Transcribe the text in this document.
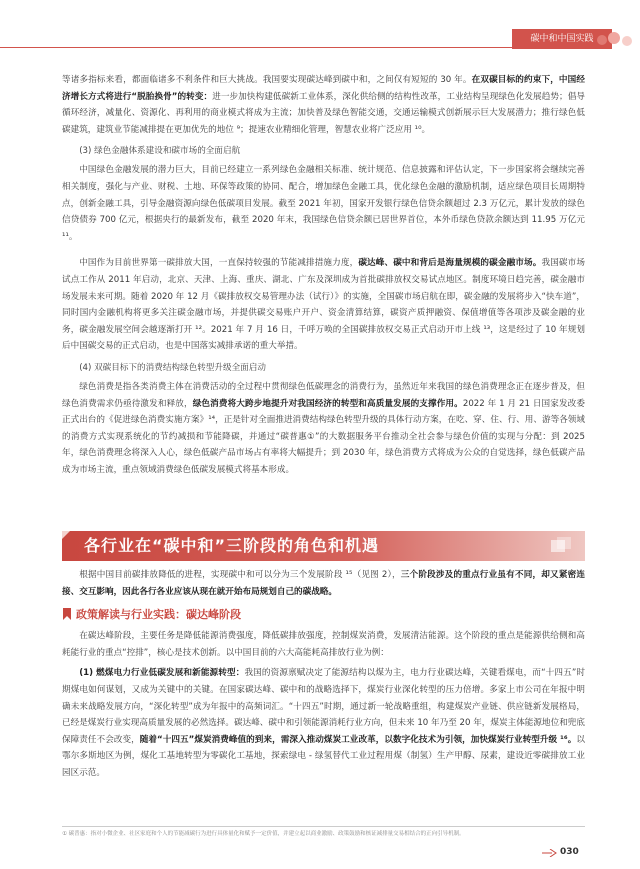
碳中和中国实践

等诸多指标来看，都面临诸多不利条件和巨大挑战。我国要实现碳达峰到碳中和，之间仅有短短的 30 年。在双碳目标的约束下，中国经济增长方式将进行“脱胎换骨”的转变：进一步加快构建低碳新工业体系，深化供给侧的结构性改革，工业结构呈现绿色化发展趋势；倡导循环经济，减量化、资源化、再利用的商业模式将成为主流；加快普及绿色智能交通，交通运输模式创新展示巨大发展潜力；推行绿色低碳建筑，建筑业节能减排提在更加优先的地位 ⁹；提速农业精细化管理，智慧农业将广泛应用 ¹⁰。

(3) 绿色金融体系建设和碳市场的全面启航

中国绿色金融发展的潜力巨大，目前已经建立一系列绿色金融相关标准、统计规范、信息披露和评估认定，下一步国家将会继续完善相关制度，强化与产业、财税、土地、环保等政策的协同、配合，增加绿色金融工具，优化绿色金融的激励机制，适应绿色项目长周期特点，创新金融工具，引导金融资源向绿色低碳项目发展。截至 2021 年初，国家开发银行绿色信贷余额超过 2.3 万亿元，累计发放的绿色信贷债券 700 亿元，根据央行的最新发布，截至 2020 年末，我国绿色信贷余额已居世界首位，本外币绿色贷款余额达到 11.95 万亿元 ¹¹。

中国作为目前世界第一碳排放大国，一直保持较强的节能减排措施力度，碳达峰、碳中和背后是海量规模的碳金融市场。我国碳市场试点工作从 2011 年启动，北京、天津、上海、重庆、湖北、广东及深圳成为首批碳排放权交易试点地区。制度环境日趋完善，碳金融市场发展未来可期。随着 2020 年 12 月《碳排放权交易管理办法（试行）》的实施，全国碳市场启航在即，碳金融的发展将步入“快车道”，同时国内金融机构将更多关注碳金融市场，并提供碳交易账户开户、资金清算结算，碳资产质押融资、保值增值等各项涉及碳金融的业务，碳金融发展空间会越逐渐打开 ¹²。2021 年 7 月 16 日，千呼万唤的全国碳排放权交易正式启动开市上线 ¹³，这是经过了 10 年规划后中国碳交易的正式启动，也是中国落实减排承诺的重大举措。

(4) 双碳目标下的消费结构绿色转型升级全面启动

绿色消费是指各类消费主体在消费活动的全过程中贯彻绿色低碳理念的消费行为，虽然近年来我国的绿色消费理念正在逐步普及，但绿色消费需求仍亟待激发和释放，绿色消费将大跨步地提升对我国经济的转型和高质量发展的支撑作用。2022 年 1 月 21 日国家发改委正式出台的《促进绿色消费实施方案》¹⁴，正是针对全面推进消费结构绿色转型升级的具体行动方案，在吃、穿、住、行、用、游等各领域的消费方式实现系统化的节约减损和节能降碳，并通过“碳普惠①”的大数据服务平台推动全社会参与绿色价值的实现与分配：到 2025 年，绿色消费理念将深入人心，绿色低碳产品市场占有率将大幅提升；到 2030 年，绿色消费方式将成为公众的自觉选择，绿色低碳产品成为市场主流，重点领域消费绿色低碳发展模式将基本形成。

各行业在“碳中和”三阶段的角色和机遇

根据中国目前碳排放降低的进程，实现碳中和可以分为三个发展阶段 ¹⁵（见图 2），三个阶段涉及的重点行业虽有不同，却又紧密连接、交互影响，因此各行各业应该从现在就开始布局规划自己的碳战略。

政策解读与行业实践：碳达峰阶段

在碳达峰阶段，主要任务是降低能源消费强度，降低碳排放强度，控制煤炭消费，发展清洁能源。这个阶段的重点是能源供给侧和高耗能行业的重点“控排”，核心是技术创新。以中国目前的六大高能耗高排放行业为例：

(1) 燃煤电力行业低碳发展和新能源转型：我国的资源禀赋决定了能源结构以煤为主，电力行业碳达峰，关键看煤电，而“十四五”时期煤电如何谋划，又成为关键中的关键。在国家碳达峰、碳中和的战略选择下，煤炭行业深化转型的压力倍增。多家上市公司在年报中明确未来战略发展方向，“深化转型”成为年报中的高频词汇。“十四五”时期，通过新一轮战略重组，构建煤炭产业链、供应链新发展格局，已经是煤炭行业实现高质量发展的必然选择。碳达峰、碳中和引领能源消耗行业方向，但未来 10 年乃至 20 年，煤炭主体能源地位和兜底保障责任不会改变，随着“十四五”煤炭消费峰值的到来，需深入推动煤炭工业改革，以数字化技术为引领，加快煤炭行业转型升级 ¹⁶。以鄂尔多斯地区为例，煤化工基地转型为零碳化工基地，探索绿电 - 绿氢替代工业过程用煤（制氢）生产甲醇、尿素，建设近零碳排放工业园区示范。

① 碳普惠：指对小微企业、社区家庭和个人的节能减碳行为进行具体量化和赋予一定价值，并建立起以商业激励、政策鼓励和核证减排量交易相结合的正向引导机制。
030
